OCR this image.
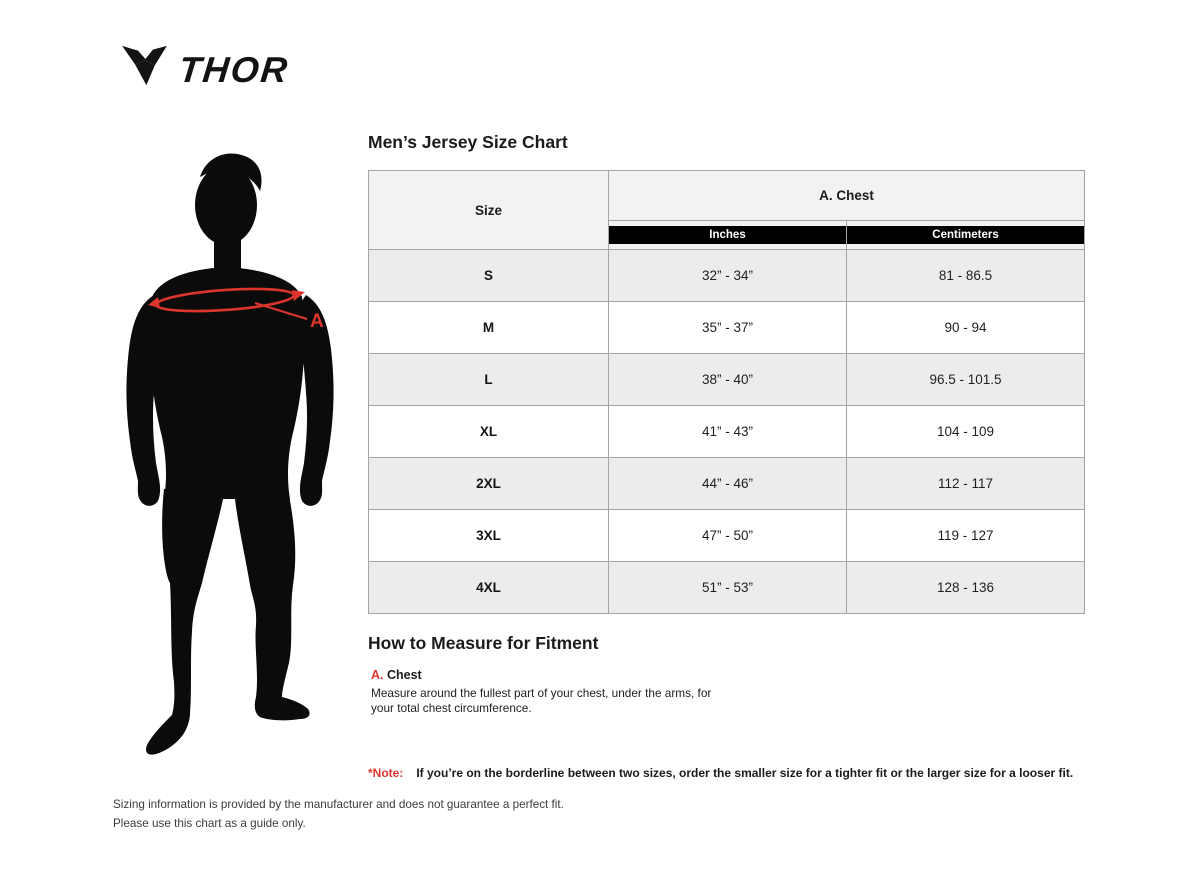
THOR
A
Men’s Jersey Size Chart
Size	A. Chest	

	Inches	Centimeters

S	32” - 34”	81 - 86.5
M	35” - 37”	90 - 94
L	38” - 40”	96.5 - 101.5
XL	41” - 43”	104 - 109
2XL	44” - 46”	112 - 117
3XL	47” - 50”	119 - 127
4XL	51” - 53”	128 - 136
How to Measure for Fitment
A. Chest
Measure around the fullest part of your chest, under the arms, for your total chest circumference.
*Note: If you’re on the borderline between two sizes, order the smaller size for a tighter fit or the larger size for a looser fit.
Sizing information is provided by the manufacturer and does not guarantee a perfect fit.
Please use this chart as a guide only.
